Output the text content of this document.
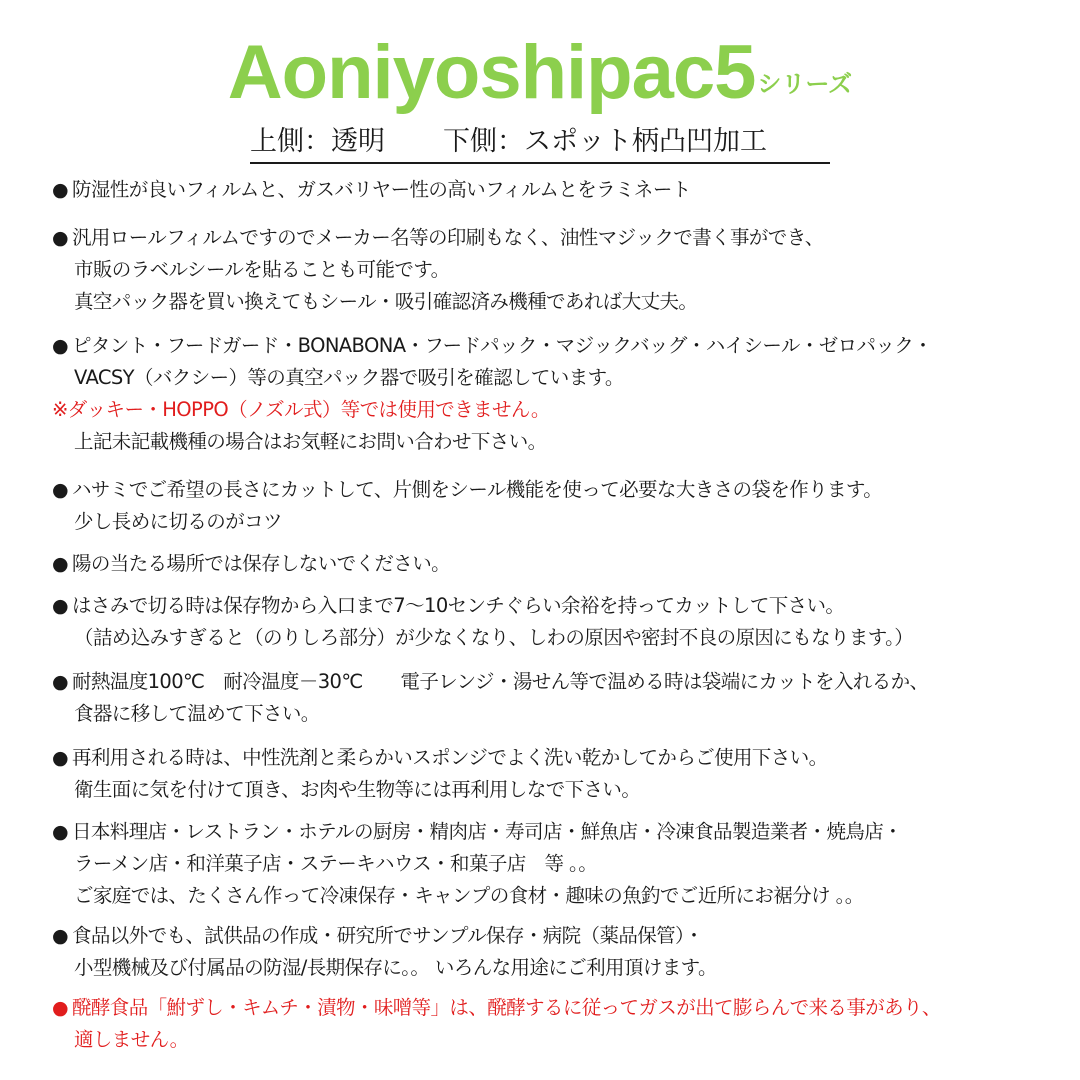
Aoniyoshipac5シリーズ
上側：透明 下側：スポット柄凸凹加工
● 防湿性が良いフィルムと、ガスバリヤー性の高いフィルムとをラミネート
● 汎用ロールフィルムですのでメーカー名等の印刷もなく、油性マジックで書く事ができ、
市販のラベルシールを貼ることも可能です。
真空パック器を買い換えてもシール・吸引確認済み機種であれば大丈夫。
● ピタント・フードガード・BONABONA・フードパック・マジックバッグ・ハイシール・ゼロパック・
VACSY（バクシー）等の真空パック器で吸引を確認しています。
※ダッキー・HOPPO（ノズル式）等では使用できません。
上記未記載機種の場合はお気軽にお問い合わせ下さい。
● ハサミでご希望の長さにカットして、片側をシール機能を使って必要な大きさの袋を作ります。
少し長めに切るのがコツ
● 陽の当たる場所では保存しないでください。
● はさみで切る時は保存物から入口まで7～10センチぐらい余裕を持ってカットして下さい。
（詰め込みすぎると（のりしろ部分）が少なくなり、しわの原因や密封不良の原因にもなります。）
● 耐熱温度100℃　耐冷温度－30℃　　電子レンジ・湯せん等で温める時は袋端にカットを入れるか、
食器に移して温めて下さい。
● 再利用される時は、中性洗剤と柔らかいスポンジでよく洗い乾かしてからご使用下さい。
衛生面に気を付けて頂き、お肉や生物等には再利用しなで下さい。
● 日本料理店・レストラン・ホテルの厨房・精肉店・寿司店・鮮魚店・冷凍食品製造業者・焼鳥店・
ラーメン店・和洋菓子店・ステーキハウス・和菓子店　等 。。
ご家庭では、たくさん作って冷凍保存・キャンプの食材・趣味の魚釣でご近所にお裾分け 。。
● 食品以外でも、試供品の作成・研究所でサンプル保存・病院（薬品保管）・
小型機械及び付属品の防湿/長期保存に。。 いろんな用途にご利用頂けます。
● 醗酵食品「鮒ずし・キムチ・漬物・味噌等」は、醗酵するに従ってガスが出て膨らんで来る事があり、
適しません。
